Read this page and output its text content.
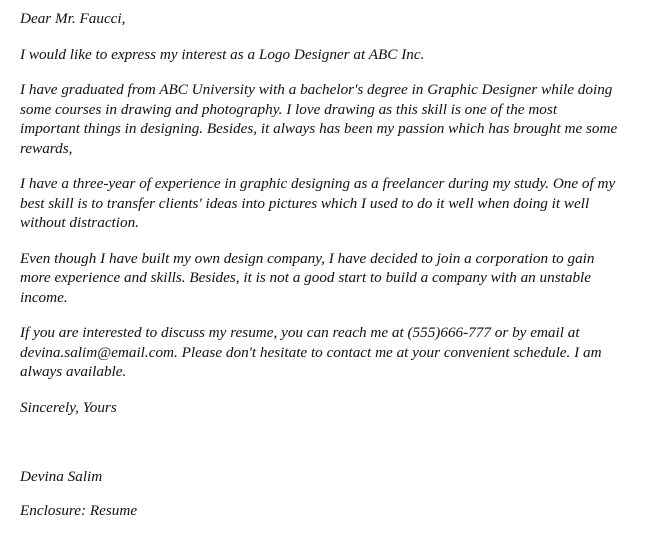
Dear Mr. Faucci,

I would like to express my interest as a Logo Designer at ABC Inc.

I have graduated from ABC University with a bachelor's degree in Graphic Designer while doing some courses in drawing and photography. I love drawing as this skill is one of the most important things in designing. Besides, it always has been my passion which has brought me some rewards,

I have a three-year of experience in graphic designing as a freelancer during my study. One of my best skill is to transfer clients' ideas into pictures which I used to do it well when doing it well without distraction.

Even though I have built my own design company, I have decided to join a corporation to gain more experience and skills. Besides, it is not a good start to build a company with an unstable income.

If you are interested to discuss my resume, you can reach me at (555)666-777 or by email at devina.salim@email.com. Please don't hesitate to contact me at your convenient schedule. I am always available.

Sincerely, Yours

Devina Salim

Enclosure: Resume
